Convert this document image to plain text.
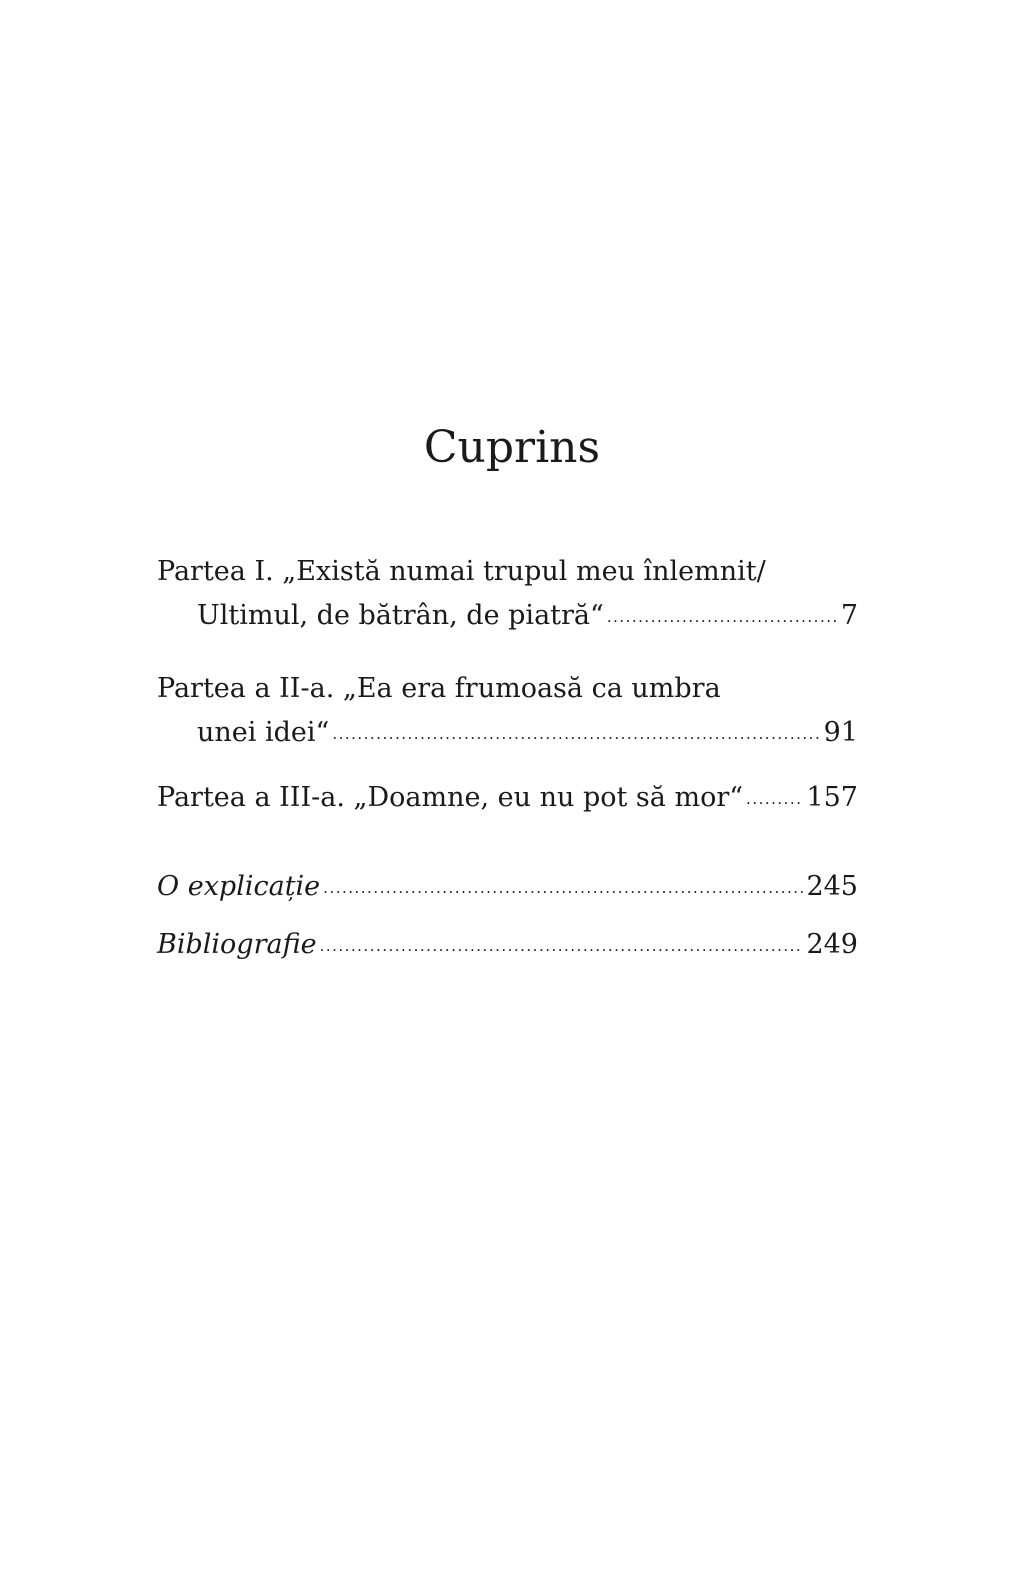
Cuprins
Partea I. „Există numai trupul meu înlemnit/
Ultimul, de bătrân, de piatră“ .....	7
Partea a II-a. „Ea era frumoasă ca umbra
unei idei“ .....	91
Partea a III-a. „Doamne, eu nu pot să mor“ ..... 157
O explicație .....	245
Bibliografie .....	249
